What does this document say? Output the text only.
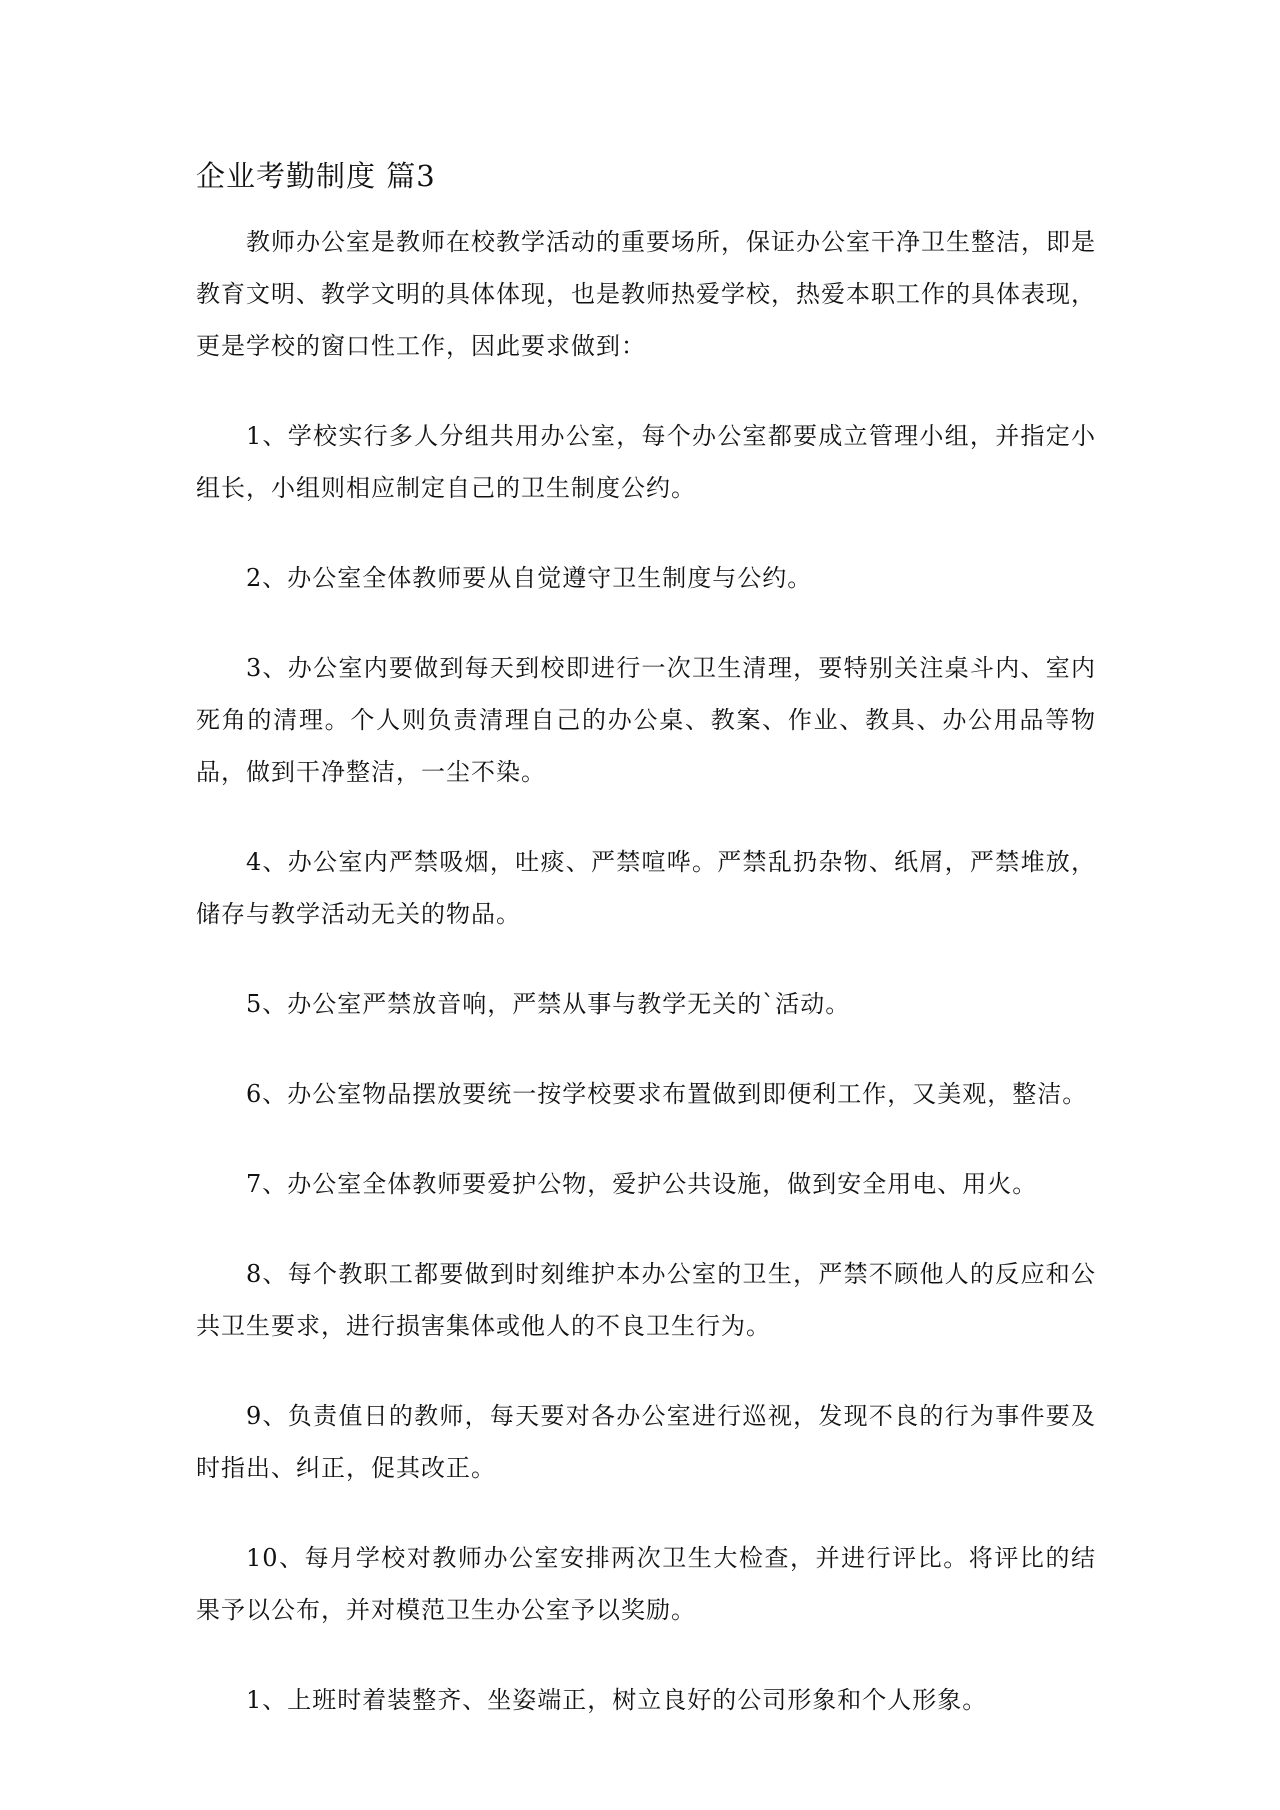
企业考勤制度 篇3

教师办公室是教师在校教学活动的重要场所，保证办公室干净卫生整洁，即是教育文明、教学文明的具体体现，也是教师热爱学校，热爱本职工作的具体表现，更是学校的窗口性工作，因此要求做到：

1、学校实行多人分组共用办公室，每个办公室都要成立管理小组，并指定小组长，小组则相应制定自己的卫生制度公约。

2、办公室全体教师要从自觉遵守卫生制度与公约。

3、办公室内要做到每天到校即进行一次卫生清理，要特别关注桌斗内、室内死角的清理。个人则负责清理自己的办公桌、教案、作业、教具、办公用品等物品，做到干净整洁，一尘不染。

4、办公室内严禁吸烟，吐痰、严禁喧哗。严禁乱扔杂物、纸屑，严禁堆放，储存与教学活动无关的物品。

5、办公室严禁放音响，严禁从事与教学无关的`活动。

6、办公室物品摆放要统一按学校要求布置做到即便利工作，又美观，整洁。

7、办公室全体教师要爱护公物，爱护公共设施，做到安全用电、用火。

8、每个教职工都要做到时刻维护本办公室的卫生，严禁不顾他人的反应和公共卫生要求，进行损害集体或他人的不良卫生行为。

9、负责值日的教师，每天要对各办公室进行巡视，发现不良的行为事件要及时指出、纠正，促其改正。

10、每月学校对教师办公室安排两次卫生大检查，并进行评比。将评比的结果予以公布，并对模范卫生办公室予以奖励。

1、上班时着装整齐、坐姿端正，树立良好的公司形象和个人形象。
